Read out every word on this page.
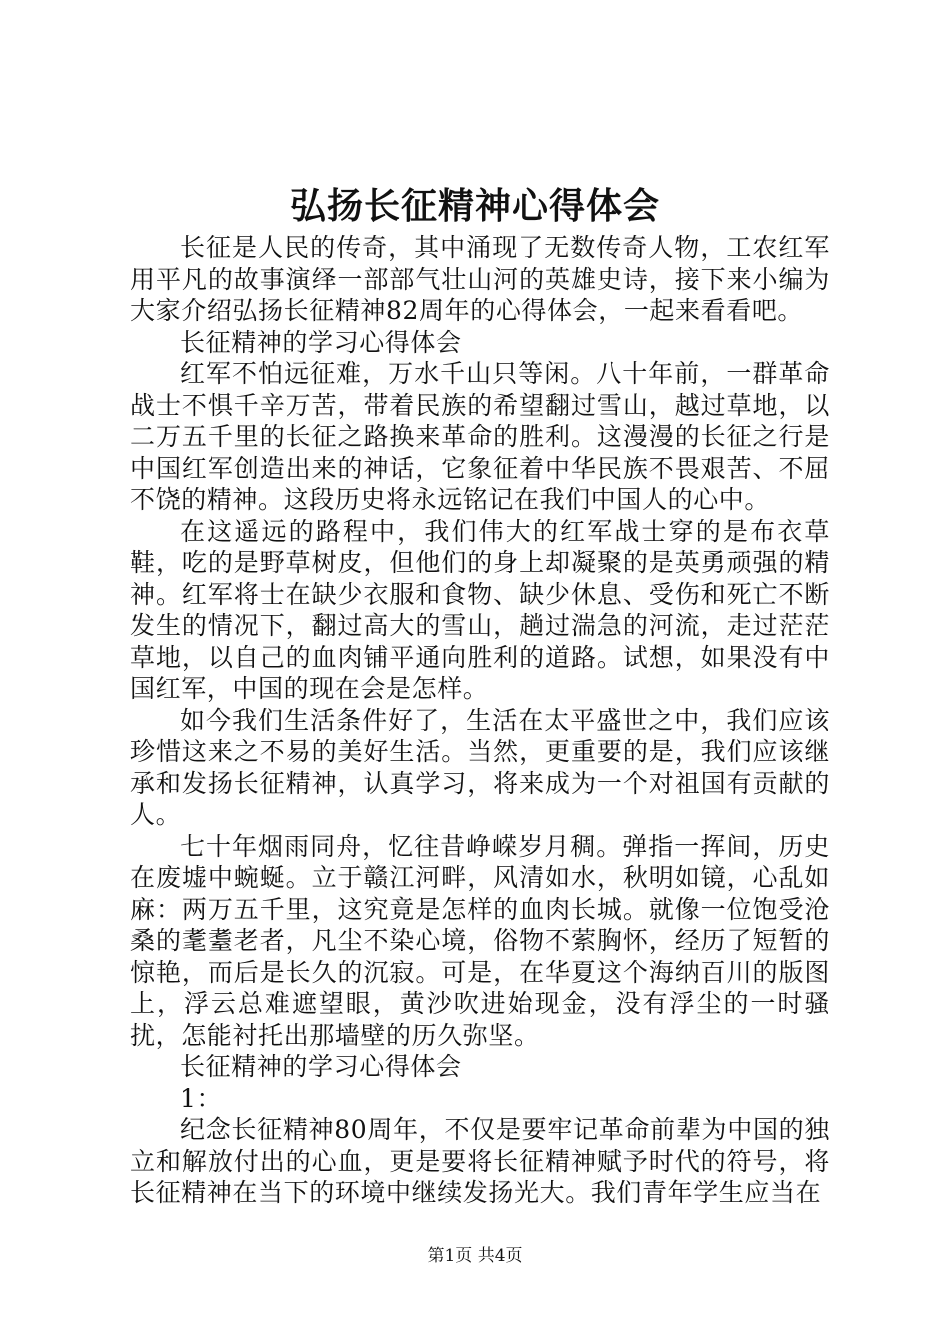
弘扬长征精神心得体会

长征是人民的传奇，其中涌现了无数传奇人物，工农红军用平凡的故事演绎一部部气壮山河的英雄史诗，接下来小编为大家介绍弘扬长征精神82周年的心得体会，一起来看看吧。

长征精神的学习心得体会

红军不怕远征难，万水千山只等闲。八十年前，一群革命战士不惧千辛万苦，带着民族的希望翻过雪山，越过草地，以二万五千里的长征之路换来革命的胜利。这漫漫的长征之行是中国红军创造出来的神话，它象征着中华民族不畏艰苦、不屈不饶的精神。这段历史将永远铭记在我们中国人的心中。

在这遥远的路程中，我们伟大的红军战士穿的是布衣草鞋，吃的是野草树皮，但他们的身上却凝聚的是英勇顽强的精神。红军将士在缺少衣服和食物、缺少休息、受伤和死亡不断发生的情况下，翻过高大的雪山，趟过湍急的河流，走过茫茫草地，以自己的血肉铺平通向胜利的道路。试想，如果没有中国红军，中国的现在会是怎样。

如今我们生活条件好了，生活在太平盛世之中，我们应该珍惜这来之不易的美好生活。当然，更重要的是，我们应该继承和发扬长征精神，认真学习，将来成为一个对祖国有贡献的人。

七十年烟雨同舟，忆往昔峥嵘岁月稠。弹指一挥间，历史在废墟中蜿蜒。立于赣江河畔，风清如水，秋明如镜，心乱如麻：两万五千里，这究竟是怎样的血肉长城。就像一位饱受沧桑的耄耋老者，凡尘不染心境，俗物不萦胸怀，经历了短暂的惊艳，而后是长久的沉寂。可是，在华夏这个海纳百川的版图上，浮云总难遮望眼，黄沙吹进始现金，没有浮尘的一时骚扰，怎能衬托出那墙壁的历久弥坚。

长征精神的学习心得体会

1：

纪念长征精神80周年，不仅是要牢记革命前辈为中国的独立和解放付出的心血，更是要将长征精神赋予时代的符号，将长征精神在当下的环境中继续发扬光大。我们青年学生应当在

第1页 共4页
